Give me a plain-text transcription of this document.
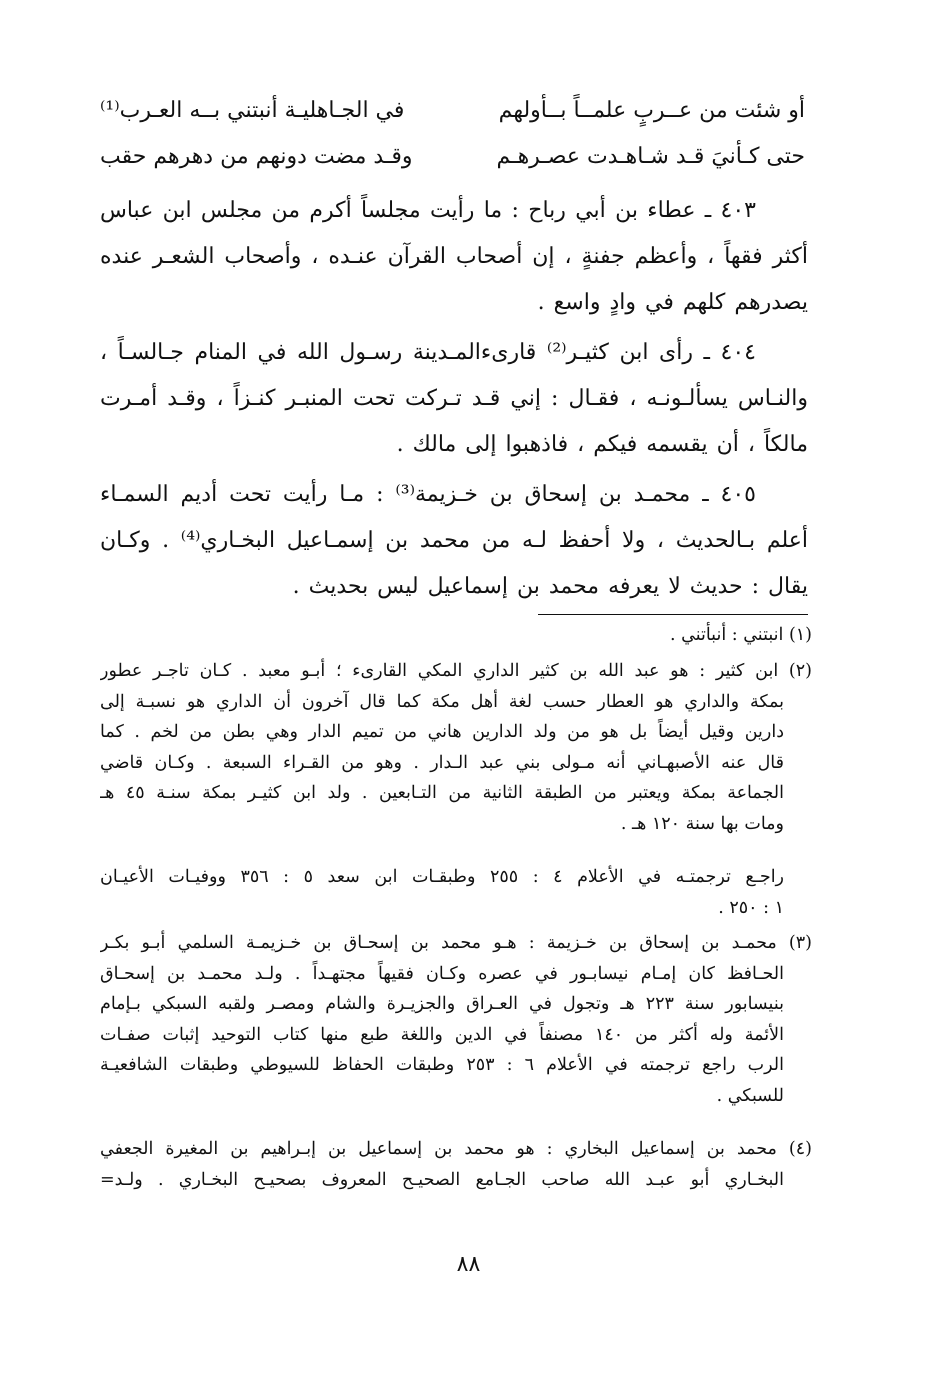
أو شئت من عــربٍ علمــاً بــأولهم
في الجـاهليـة أنبتني بــه العـرب⁽¹⁾
حتى كـأنيَ قـد شـاهـدت عصـرهـم
وقـد مضت دونهم من دهرهم حقب
٤٠٣ ـ عطاء بن أبي رباح : ما رأيت مجلساً أكرم من مجلس ابن عباس
أكثر فقهاً ، وأعظم جفنةٍ ، إن أصحاب القرآن عنـده ، وأصحاب الشعـر عنده
يصدرهم كلهم في وادٍ واسع .
٤٠٤ ـ رأى ابن كثيـر⁽²⁾ قارىءالمـدينة رسـول الله في المنام جـالسـاً ،
والنـاس يسألـونـه ، فقـال : إني قـد تـركت تحت المنبـر كنـزاً ، وقـد أمـرت
مالكاً ، أن يقسمه فيكم ، فاذهبوا إلى مالك .
٤٠٥ ـ محمـد بن إسحاق بن خـزيمة⁽³⁾ : مـا رأيت تحت أديم السمـاء
أعلم بـالحديث ، ولا أحفظ لـه من محمد بن إسمـاعيل البخـاري⁽⁴⁾ . وكـان
يقال : حديث لا يعرفه محمد بن إسماعيل ليس بحديث .
(١) انبتني : أنبأتني .
(٢) ابن كثير : هو عبد الله بن كثير الداري المكي القارىء ؛ أبـو معبد . كـان تاجـر عطور
بمكة والداري هو العطار حسب لغة أهل مكة كما قال آخرون أن الداري هو نسبـة إلى
دارين وقيل أيضاً بل هو من ولد الدارين هاني من تميم الدار وهي بطن من لخم . كما
قال عنه الأصبهـاني أنه مـولى بني عبد الـدار . وهو من القـراء السبعة . وكـان قاضي
الجماعة بمكة ويعتبر من الطبقة الثانية من التـابعين . ولد ابن كثيـر بمكة سنـة ٤٥ هـ
ومات بها سنة ١٢٠ هـ .
راجـع ترجمتـه في الأعلام ٤ : ٢٥٥ وطبقـات ابن سعد ٥ : ٣٥٦ ووفيـات الأعيـان
١ : ٢٥٠ .
(٣) محمـد بن إسحاق بن خـزيمة : هـو محمد بن إسحـاق بن خـزيمـة السلمي أبـو بكـر
الحـافظ كان إمـام نيسابـور في عصره وكـان فقيهاً مجتهـداً . ولـد محمـد بن إسحـاق
بنيسابور سنة ٢٢٣ هـ وتجول في العـراق والجزيـرة والشام ومصـر ولقبه السبكي بـإمام
الأئمة وله أكثر من ١٤٠ مصنفاً في الدين واللغة طبع منها كتاب التوحيد إثبات صفـات
الرب راجع ترجمته في الأعلام ٦ : ٢٥٣ وطبقات الحفاظ للسيوطي وطبقات الشافعيـة
للسبكي .
(٤) محمد بن إسماعيل البخاري : هو محمد بن إسماعيل بن إبـراهيم بن المغيرة الجعفي
البخـاري أبو عبـد الله صاحب الجـامع الصحيـح المعروف بصحيـح البخـاري . ولـد=
٨٨
